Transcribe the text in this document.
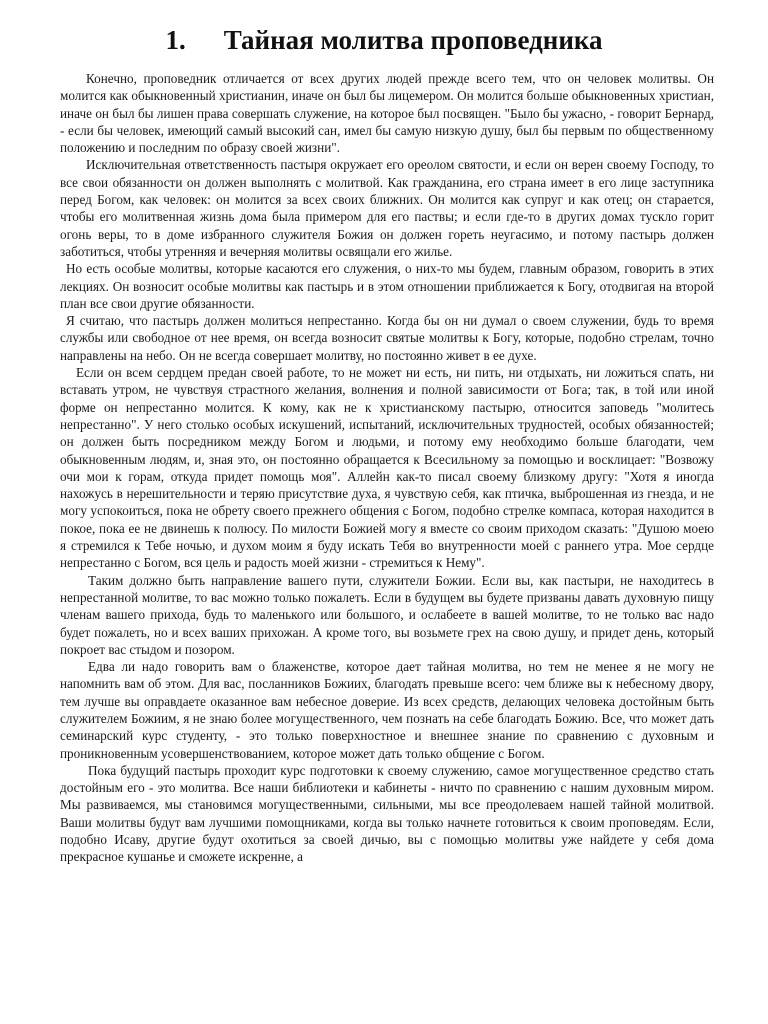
1. Тайная молитва проповедника

Конечно, проповедник отличается от всех других людей прежде всего тем, что он человек молитвы. Он молится как обыкновенный христианин, иначе он был бы лицемером. Он молится больше обыкновенных христиан, иначе он был бы лишен права совершать служение, на которое был посвящен. "Было бы ужасно, - говорит Бернард, - если бы человек, имеющий самый высокий сан, имел бы самую низкую душу, был бы первым по общественному положению и последним по образу своей жизни".

Исключительная ответственность пастыря окружает его ореолом святости, и если он верен своему Господу, то все свои обязанности он должен выполнять с молитвой. Как гражданина, его страна имеет в его лице заступника перед Богом, как человек: он молится за всех своих ближних. Он молится как супруг и как отец; он старается, чтобы его молитвенная жизнь дома была примером для его паствы; и если где-то в других домах тускло горит огонь веры, то в доме избранного служителя Божия он должен гореть неугасимо, и потому пастырь должен заботиться, чтобы утренняя и вечерняя молитвы освящали его жилье.

Но есть особые молитвы, которые касаются его служения, о них-то мы будем, главным образом, говорить в этих лекциях. Он возносит особые молитвы как пастырь и в этом отношении приближается к Богу, отодвигая на второй план все свои другие обязанности.

Я считаю, что пастырь должен молиться непрестанно. Когда бы он ни думал о своем служении, будь то время службы или свободное от нее время, он всегда возносит святые молитвы к Богу, которые, подобно стрелам, точно направлены на небо. Он не всегда совершает молитву, но постоянно живет в ее духе.

Если он всем сердцем предан своей работе, то не может ни есть, ни пить, ни отдыхать, ни ложиться спать, ни вставать утром, не чувствуя страстного желания, волнения и полной зависимости от Бога; так, в той или иной форме он непрестанно молится. К кому, как не к христианскому пастырю, относится заповедь "молитесь непрестанно". У него столько особых искушений, испытаний, исключительных трудностей, особых обязанностей; он должен быть посредником между Богом и людьми, и потому ему необходимо больше благодати, чем обыкновенным людям, и, зная это, он постоянно обращается к Всесильному за помощью и восклицает: "Возвожу очи мои к горам, откуда придет помощь моя". Аллейн как-то писал своему близкому другу: "Хотя я иногда нахожусь в нерешительности и теряю присутствие духа, я чувствую себя, как птичка, выброшенная из гнезда, и не могу успокоиться, пока не обрету своего прежнего общения с Богом, подобно стрелке компаса, которая находится в покое, пока ее не двинешь к полюсу. По милости Божией могу я вместе со своим приходом сказать: "Душою моею я стремился к Тебе ночью, и духом моим я буду искать Тебя во внутренности моей с раннего утра. Мое сердце непрестанно с Богом, вся цель и радость моей жизни - стремиться к Нему".

Таким должно быть направление вашего пути, служители Божии. Если вы, как пастыри, не находитесь в непрестанной молитве, то вас можно только пожалеть. Если в будущем вы будете призваны давать духовную пищу членам вашего прихода, будь то маленького или большого, и ослабеете в вашей молитве, то не только вас надо будет пожалеть, но и всех ваших прихожан. А кроме того, вы возьмете грех на свою душу, и придет день, который покроет вас стыдом и позором.

Едва ли надо говорить вам о блаженстве, которое дает тайная молитва, но тем не менее я не могу не напомнить вам об этом. Для вас, посланников Божиих, благодать превыше всего: чем ближе вы к небесному двору, тем лучше вы оправдаете оказанное вам небесное доверие. Из всех средств, делающих человека достойным быть служителем Божиим, я не знаю более могущественного, чем познать на себе благодать Божию. Все, что может дать семинарский курс студенту, - это только поверхностное и внешнее знание по сравнению с духовным и проникновенным усовершенствованием, которое может дать только общение с Богом.

Пока будущий пастырь проходит курс подготовки к своему служению, самое могущественное средство стать достойным его - это молитва. Все наши библиотеки и кабинеты - ничто по сравнению с нашим духовным миром. Мы развиваемся, мы становимся могущественными, сильными, мы все преодолеваем нашей тайной молитвой. Ваши молитвы будут вам лучшими помощниками, когда вы только начнете готовиться к своим проповедям. Если, подобно Исаву, другие будут охотиться за своей дичью, вы с помощью молитвы уже найдете у себя дома прекрасное кушанье и сможете искренне, а
